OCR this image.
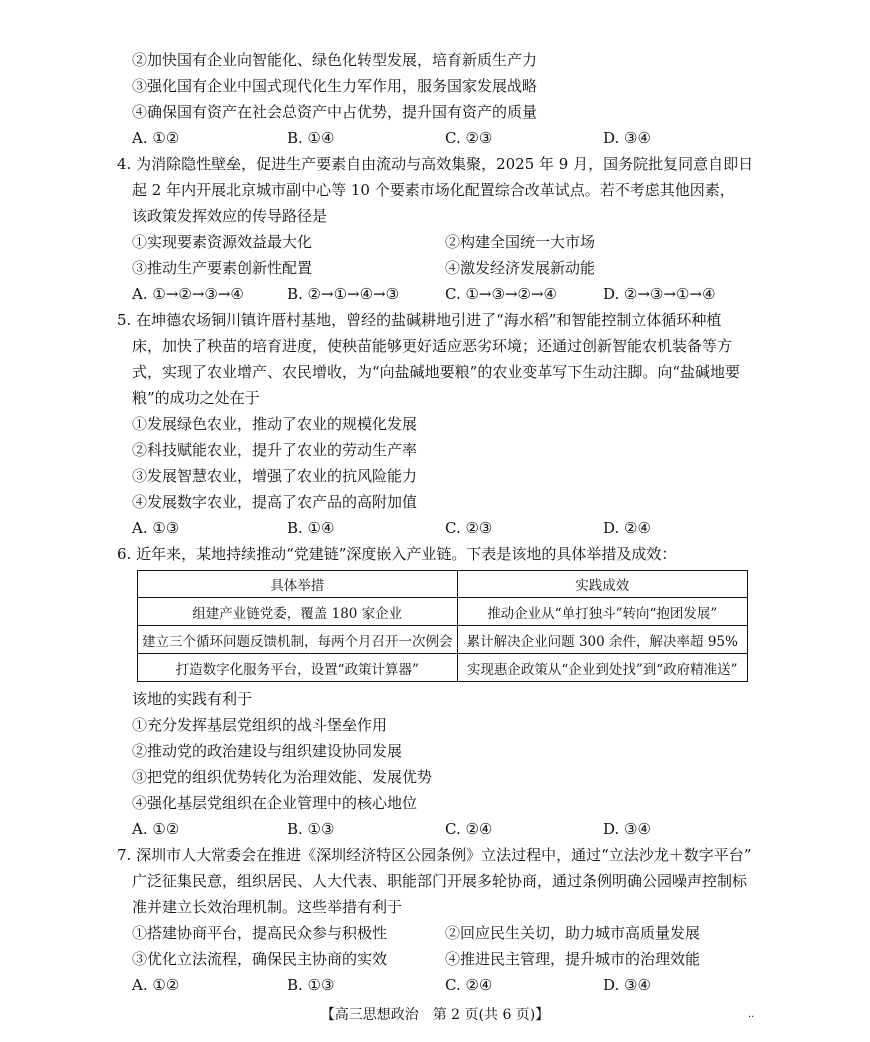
②加快国有企业向智能化、绿色化转型发展，培育新质生产力
③强化国有企业中国式现代化生力军作用，服务国家发展战略
④确保国有资产在社会总资产中占优势，提升国有资产的质量
A. ①②	B. ①④	C. ②③	D. ③④
4. 为消除隐性壁垒，促进生产要素自由流动与高效集聚，2025 年 9 月，国务院批复同意自即日
起 2 年内开展北京城市副中心等 10 个要素市场化配置综合改革试点。若不考虑其他因素，
该政策发挥效应的传导路径是
①实现要素资源效益最大化	②构建全国统一大市场
③推动生产要素创新性配置	④激发经济发展新动能
A. ①→②→③→④	B. ②→①→④→③	C. ①→③→②→④	D. ②→③→①→④
5. 在坤德农场铜川镇许厝村基地，曾经的盐碱耕地引进了“海水稻”和智能控制立体循环种植
床，加快了秧苗的培育进度，使秧苗能够更好适应恶劣环境；还通过创新智能农机装备等方
式，实现了农业增产、农民增收，为“向盐碱地要粮”的农业变革写下生动注脚。向“盐碱地要
粮”的成功之处在于
①发展绿色农业，推动了农业的规模化发展
②科技赋能农业，提升了农业的劳动生产率
③发展智慧农业，增强了农业的抗风险能力
④发展数字农业，提高了农产品的高附加值
A. ①③	B. ①④	C. ②③	D. ②④
6. 近年来，某地持续推动“党建链”深度嵌入产业链。下表是该地的具体举措及成效：
具体举措	实践成效
组建产业链党委，覆盖 180 家企业	推动企业从“单打独斗”转向“抱团发展”
建立三个循环问题反馈机制，每两个月召开一次例会	累计解决企业问题 300 余件，解决率超 95%
打造数字化服务平台，设置“政策计算器”	实现惠企政策从“企业到处找”到“政府精准送”
该地的实践有利于
①充分发挥基层党组织的战斗堡垒作用
②推动党的政治建设与组织建设协同发展
③把党的组织优势转化为治理效能、发展优势
④强化基层党组织在企业管理中的核心地位
A. ①②	B. ①③	C. ②④	D. ③④
7. 深圳市人大常委会在推进《深圳经济特区公园条例》立法过程中，通过“立法沙龙＋数字平台”
广泛征集民意，组织居民、人大代表、职能部门开展多轮协商，通过条例明确公园噪声控制标
准并建立长效治理机制。这些举措有利于
①搭建协商平台，提高民众参与积极性	②回应民生关切，助力城市高质量发展
③优化立法流程，确保民主协商的实效	④推进民主管理，提升城市的治理效能
A. ①②	B. ①③	C. ②④	D. ③④
【高三思想政治　第 2 页(共 6 页)】	··
